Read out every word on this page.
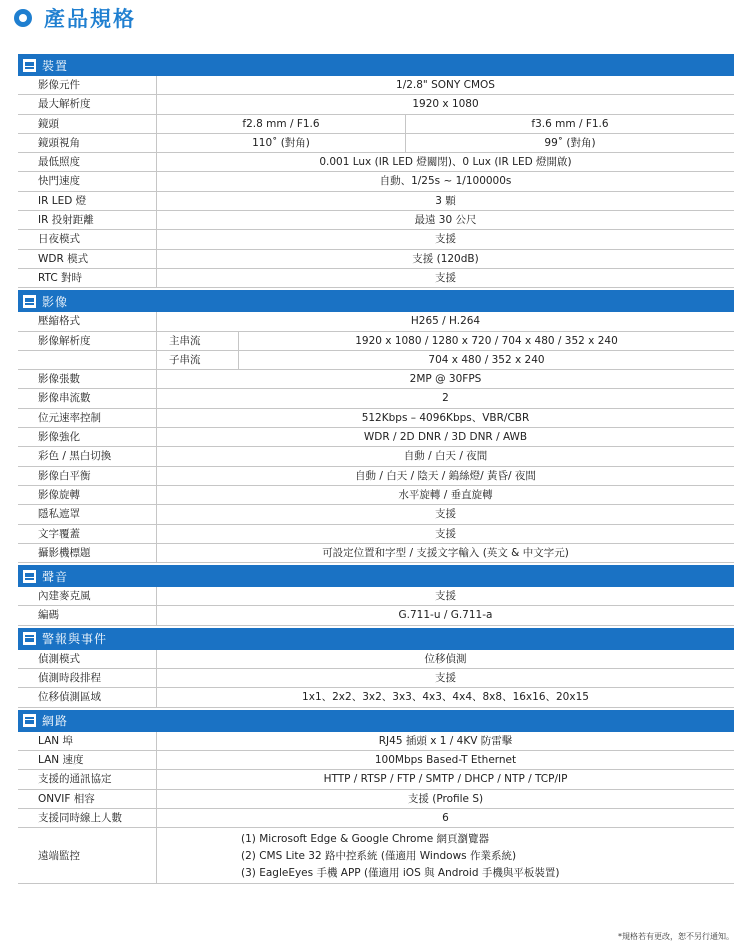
產品規格
裝置
影像元件	1/2.8" SONY CMOS
最大解析度	1920 x 1080
鏡頭	f2.8 mm / F1.6	f3.6 mm / F1.6
鏡頭視角	110˚ (對角)	99˚ (對角)
最低照度	0.001 Lux (IR LED 燈關閉)、0 Lux (IR LED 燈開啟)
快門速度	自動、1/25s ~ 1/100000s
IR LED 燈	3 顆
IR 投射距離	最遠 30 公尺
日夜模式	支援
WDR 模式	支援 (120dB)
RTC 對時	支援
影像
壓縮格式	H265 / H.264
影像解析度	主串流	1920 x 1080 / 1280 x 720 / 704 x 480 / 352 x 240
子串流	704 x 480 / 352 x 240
影像張數	2MP @ 30FPS
影像串流數	2
位元速率控制	512Kbps – 4096Kbps、VBR/CBR
影像強化	WDR / 2D DNR / 3D DNR / AWB
彩色 / 黑白切換	自動 / 白天 / 夜間
影像白平衡	自動 / 白天 / 陰天 / 鎢絲燈/ 黃昏/ 夜間
影像旋轉	水平旋轉 / 垂直旋轉
隱私遮罩	支援
文字覆蓋	支援
攝影機標題	可設定位置和字型 / 支援文字輸入 (英文 & 中文字元)
聲音
內建麥克風	支援
編碼	G.711-u / G.711-a
警報與事件
偵測模式	位移偵測
偵測時段排程	支援
位移偵測區域	1x1、2x2、3x2、3x3、4x3、4x4、8x8、16x16、20x15
網路
LAN 埠	RJ45 插頭 x 1 / 4KV 防雷擊
LAN 速度	100Mbps Based-T Ethernet
支援的通訊協定	HTTP / RTSP / FTP / SMTP / DHCP / NTP / TCP/IP
ONVIF 相容	支援 (Profile S)
支援同時線上人數	6
遠端監控
(1) Microsoft Edge & Google Chrome 網頁瀏覽器
(2) CMS Lite 32 路中控系統 (僅適用 Windows 作業系統)
(3) EagleEyes 手機 APP (僅適用 iOS 與 Android 手機與平板裝置)
*規格若有更改，恕不另行通知。
